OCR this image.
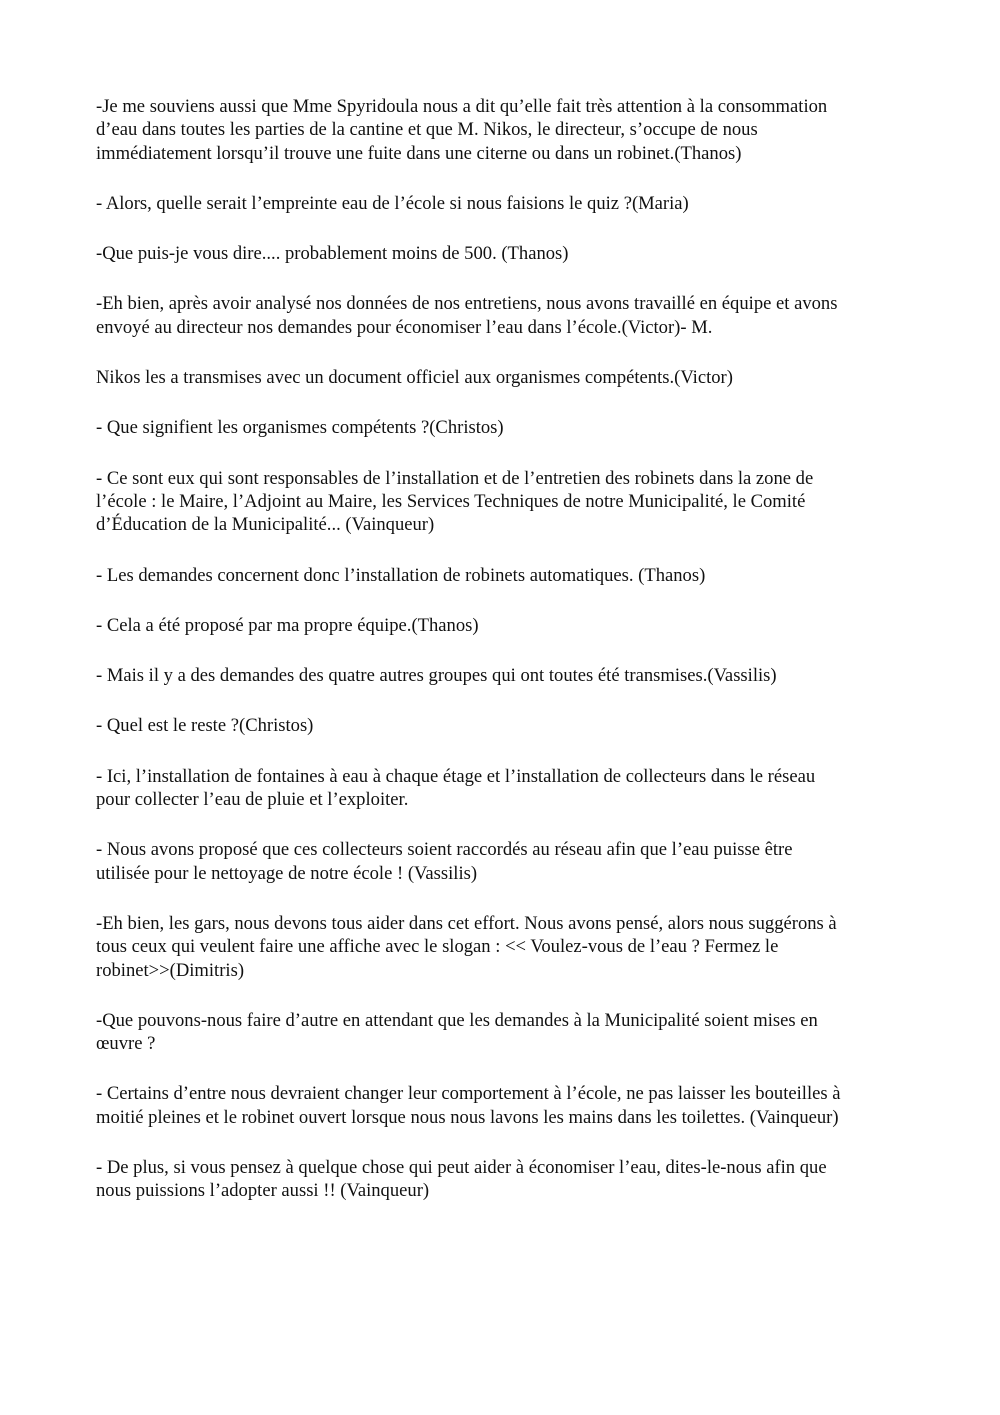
-Je me souviens aussi que Mme Spyridoula nous a dit qu’elle fait très attention à la consommation
d’eau dans toutes les parties de la cantine et que M. Nikos, le directeur, s’occupe de nous
immédiatement lorsqu’il trouve une fuite dans une citerne ou dans un robinet.(Thanos)

- Alors, quelle serait l’empreinte eau de l’école si nous faisions le quiz ?(Maria)

-Que puis-je vous dire.... probablement moins de 500. (Thanos)

-Eh bien, après avoir analysé nos données de nos entretiens, nous avons travaillé en équipe et avons
envoyé au directeur nos demandes pour économiser l’eau dans l’école.(Victor)- M.

Nikos les a transmises avec un document officiel aux organismes compétents.(Victor)

- Que signifient les organismes compétents ?(Christos)

- Ce sont eux qui sont responsables de l’installation et de l’entretien des robinets dans la zone de
l’école : le Maire, l’Adjoint au Maire, les Services Techniques de notre Municipalité, le Comité
d’Éducation de la Municipalité... (Vainqueur)

- Les demandes concernent donc l’installation de robinets automatiques. (Thanos)

- Cela a été proposé par ma propre équipe.(Thanos)

- Mais il y a des demandes des quatre autres groupes qui ont toutes été transmises.(Vassilis)

- Quel est le reste ?(Christos)

- Ici, l’installation de fontaines à eau à chaque étage et l’installation de collecteurs dans le réseau
pour collecter l’eau de pluie et l’exploiter.

- Nous avons proposé que ces collecteurs soient raccordés au réseau afin que l’eau puisse être
utilisée pour le nettoyage de notre école ! (Vassilis)

-Eh bien, les gars, nous devons tous aider dans cet effort. Nous avons pensé, alors nous suggérons à
tous ceux qui veulent faire une affiche avec le slogan : << Voulez-vous de l’eau ? Fermez le
robinet>>(Dimitris)

-Que pouvons-nous faire d’autre en attendant que les demandes à la Municipalité soient mises en
œuvre ?

- Certains d’entre nous devraient changer leur comportement à l’école, ne pas laisser les bouteilles à
moitié pleines et le robinet ouvert lorsque nous nous lavons les mains dans les toilettes. (Vainqueur)

- De plus, si vous pensez à quelque chose qui peut aider à économiser l’eau, dites-le-nous afin que
nous puissions l’adopter aussi !! (Vainqueur)
